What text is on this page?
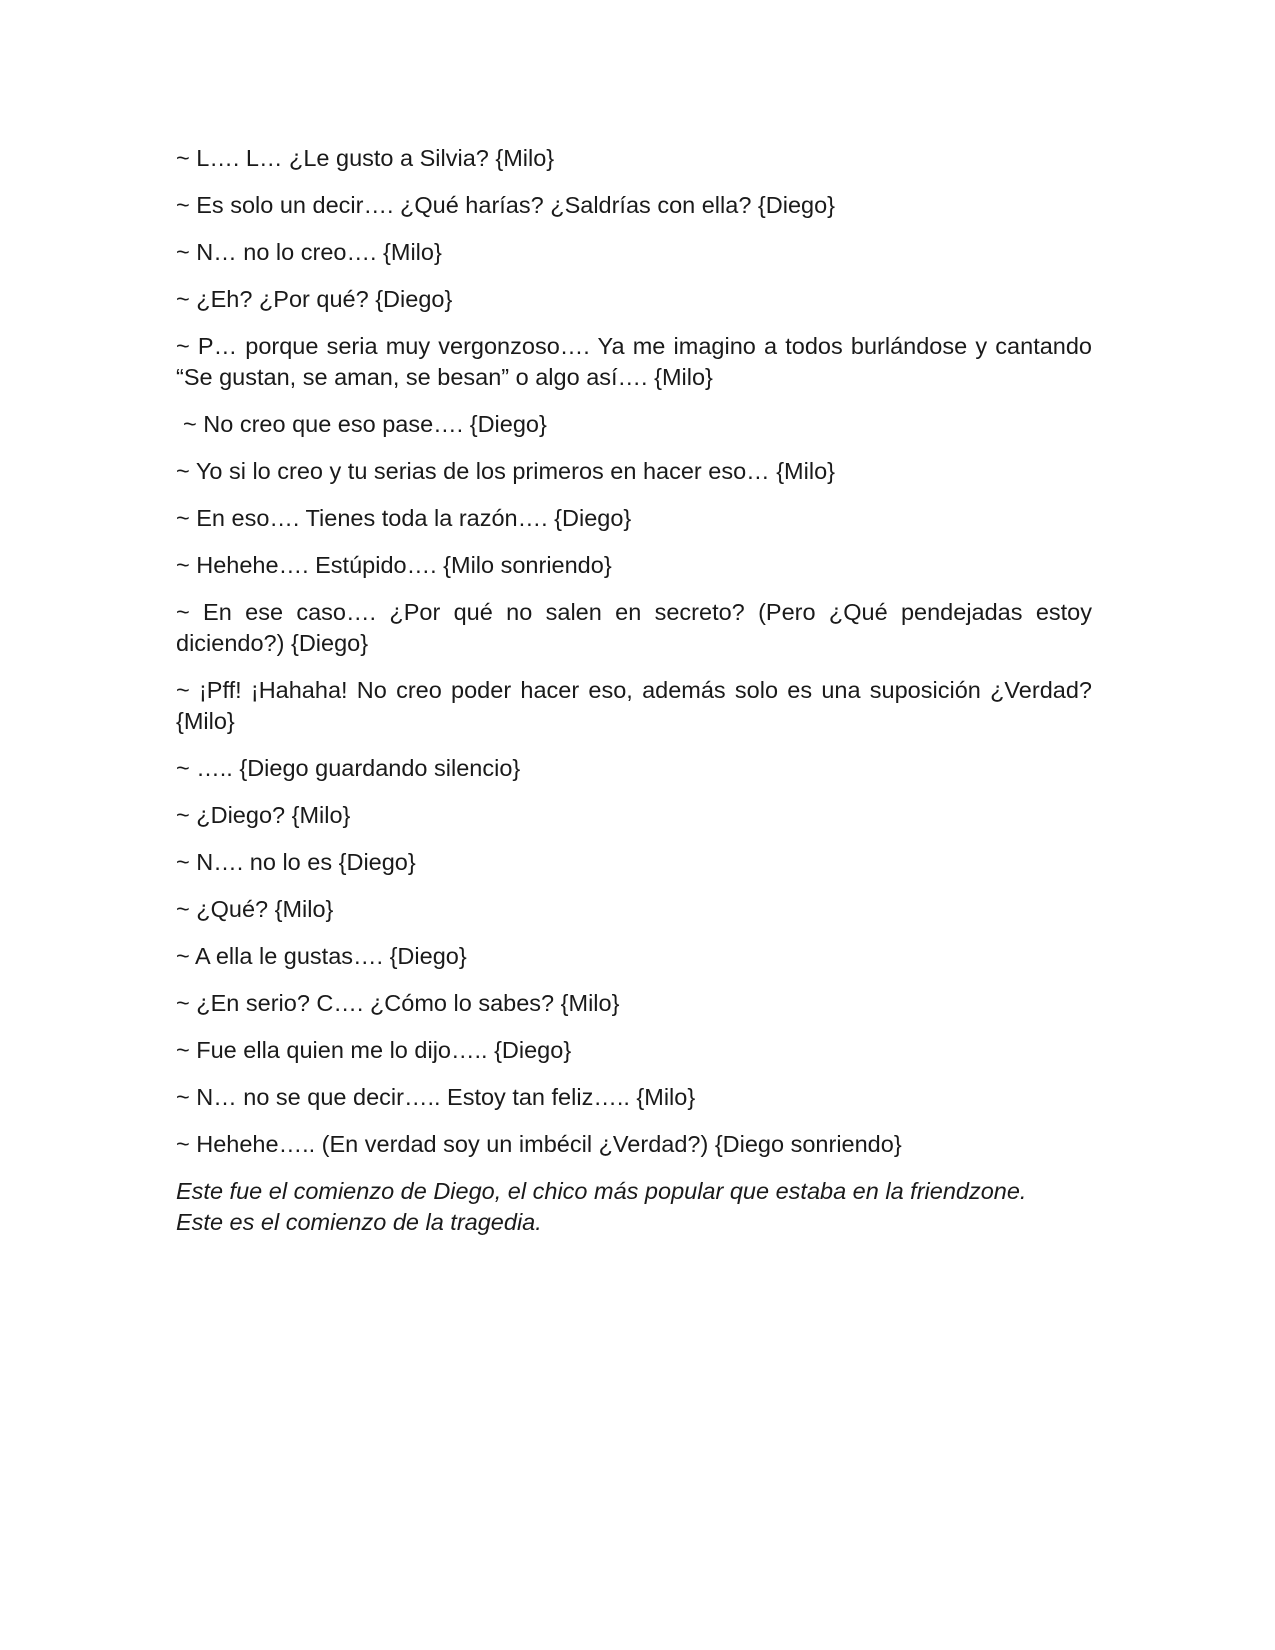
~ L…. L… ¿Le gusto a Silvia? {Milo}

~ Es solo un decir…. ¿Qué harías? ¿Saldrías con ella? {Diego}

~ N… no lo creo…. {Milo}

~ ¿Eh? ¿Por qué? {Diego}

~ P… porque seria muy vergonzoso…. Ya me imagino a todos burlándose y cantando “Se gustan, se aman, se besan” o algo así…. {Milo}

~ No creo que eso pase…. {Diego}

~ Yo si lo creo y tu serias de los primeros en hacer eso… {Milo}

~ En eso…. Tienes toda la razón…. {Diego}

~ Hehehe…. Estúpido…. {Milo sonriendo}

~ En ese caso…. ¿Por qué no salen en secreto? (Pero ¿Qué pendejadas estoy diciendo?) {Diego}

~ ¡Pff! ¡Hahaha! No creo poder hacer eso, además solo es una suposición ¿Verdad? {Milo}

~ ….. {Diego guardando silencio}

~ ¿Diego? {Milo}

~ N…. no lo es {Diego}

~ ¿Qué? {Milo}

~ A ella le gustas…. {Diego}

~ ¿En serio? C…. ¿Cómo lo sabes? {Milo}

~ Fue ella quien me lo dijo….. {Diego}

~ N… no se que decir….. Estoy tan feliz….. {Milo}

~ Hehehe….. (En verdad soy un imbécil ¿Verdad?) {Diego sonriendo}

Este fue el comienzo de Diego, el chico más popular que estaba en la friendzone.
Este es el comienzo de la tragedia.
